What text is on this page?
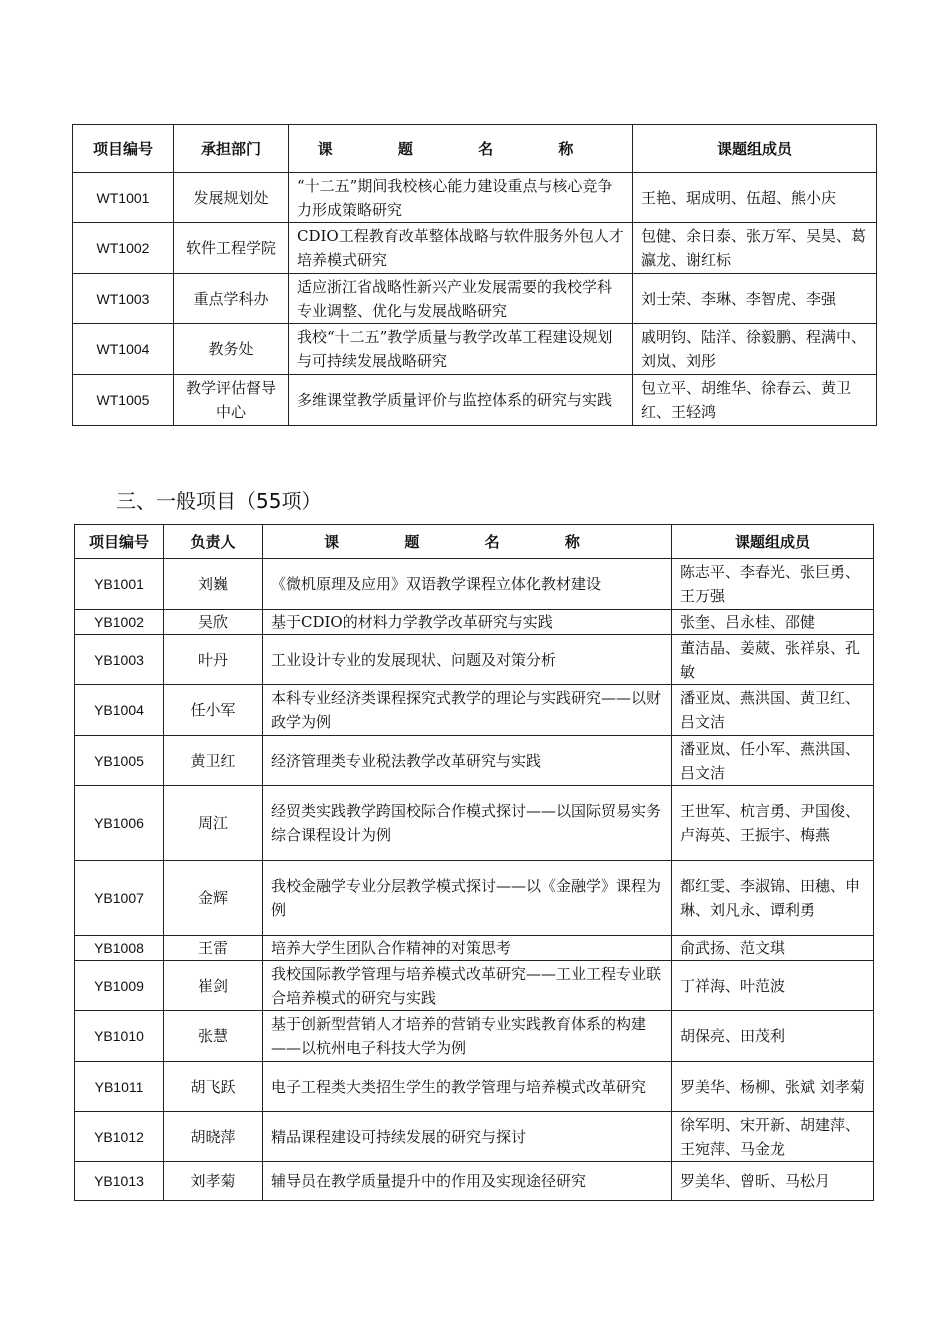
项目编号	承担部门	课 题 名 称	课题组成员
WT1001	发展规划处	“十二五”期间我校核心能力建设重点与核心竞争力形成策略研究	王艳、琚成明、伍超、熊小庆
WT1002	软件工程学院	CDIO工程教育改革整体战略与软件服务外包人才培养模式研究	包健、余日泰、张万军、吴昊、葛瀛龙、谢红标
WT1003	重点学科办	适应浙江省战略性新兴产业发展需要的我校学科专业调整、优化与发展战略研究	刘士荣、李琳、李智虎、李强
WT1004	教务处	我校“十二五”教学质量与教学改革工程建设规划与可持续发展战略研究	戚明钧、陆洋、徐毅鹏、程满中、刘岚、刘彤
WT1005	教学评估督导中心	多维课堂教学质量评价与监控体系的研究与实践	包立平、胡维华、徐春云、黄卫红、王轻鸿
三、一般项目（55项）
项目编号	负责人	课 题 名 称	课题组成员
YB1001	刘巍	《微机原理及应用》双语教学课程立体化教材建设	陈志平、李春光、张巨勇、王万强
YB1002	吴欣	基于CDIO的材料力学教学改革研究与实践	张奎、吕永桂、邵健
YB1003	叶丹	工业设计专业的发展现状、问题及对策分析	董洁晶、姜葳、张祥泉、孔敏
YB1004	任小军	本科专业经济类课程探究式教学的理论与实践研究——以财政学为例	潘亚岚、燕洪国、黄卫红、吕文洁
YB1005	黄卫红	经济管理类专业税法教学改革研究与实践	潘亚岚、任小军、燕洪国、吕文洁
YB1006	周江	经贸类实践教学跨国校际合作模式探讨——以国际贸易实务综合课程设计为例	王世军、杭言勇、尹国俊、卢海英、王振宇、梅燕
YB1007	金辉	我校金融学专业分层教学模式探讨——以《金融学》课程为例	都红雯、李淑锦、田穗、申琳、刘凡永、谭利勇
YB1008	王雷	培养大学生团队合作精神的对策思考	俞武扬、范文琪
YB1009	崔剑	我校国际教学管理与培养模式改革研究——工业工程专业联合培养模式的研究与实践	丁祥海、叶范波
YB1010	张慧	基于创新型营销人才培养的营销专业实践教育体系的构建——以杭州电子科技大学为例	胡保亮、田茂利
YB1011	胡飞跃	电子工程类大类招生学生的教学管理与培养模式改革研究	罗美华、杨柳、张斌 刘孝菊
YB1012	胡晓萍	精品课程建设可持续发展的研究与探讨	徐军明、宋开新、胡建萍、王宛萍、马金龙
YB1013	刘孝菊	辅导员在教学质量提升中的作用及实现途径研究	罗美华、曾昕、马松月
